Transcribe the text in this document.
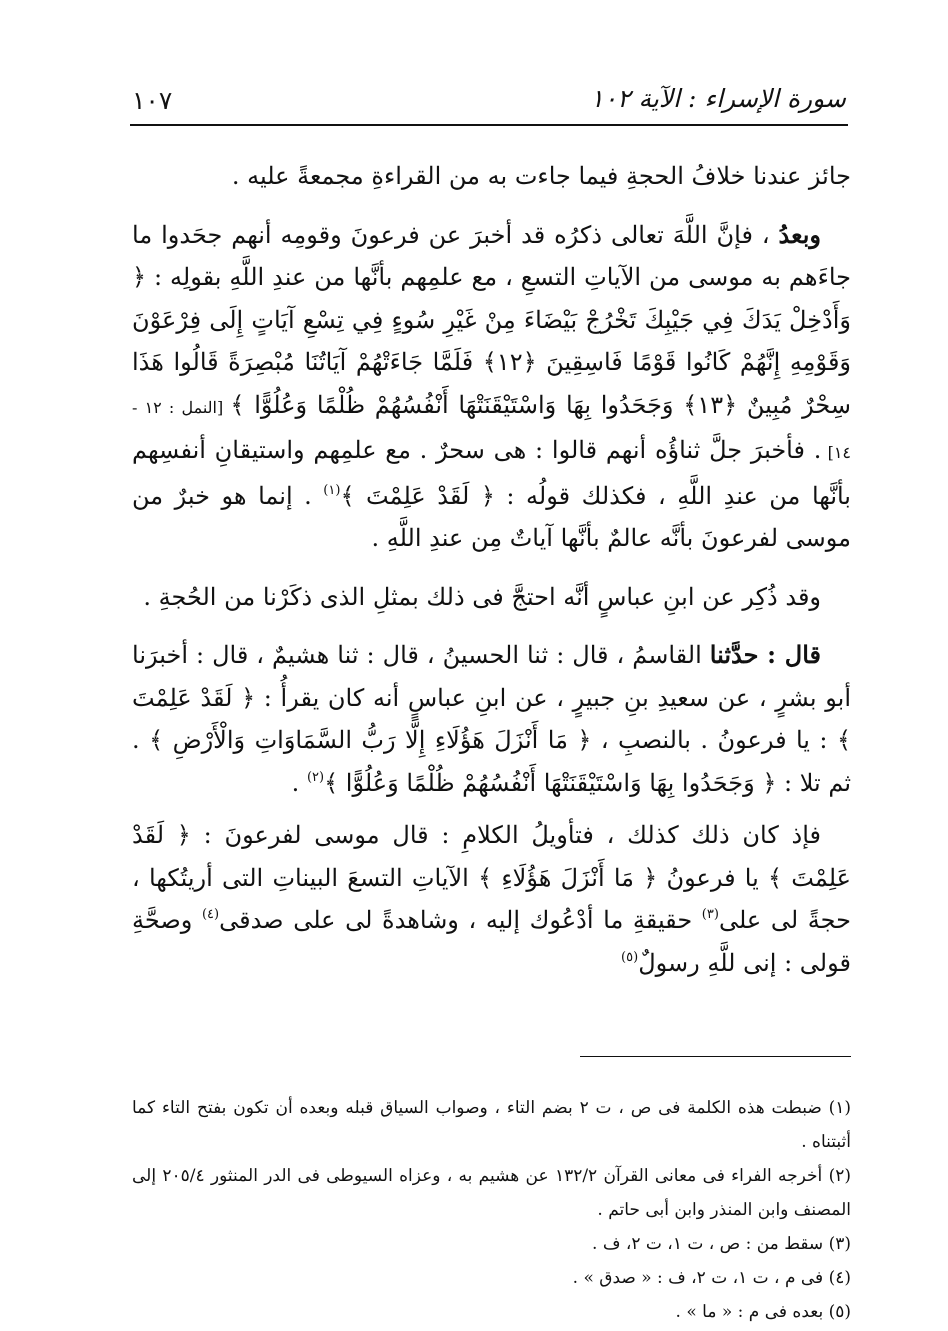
١٠٧	سورة الإسراء : الآية ١٠٢

جائز عندنا خلافُ الحجةِ فيما جاءت به من القراءةِ مجمعةً عليه .

وبعدُ ، فإنَّ اللَّهَ تعالى ذكرُه قد أخبرَ عن فرعونَ وقومِه أنهم جحَدوا ما جاءَهم به موسى من الآياتِ التسعِ ، مع علمِهم بأنَّها من عندِ اللَّهِ بقولِه : ﴿ وَأَدْخِلْ يَدَكَ فِي جَيْبِكَ تَخْرُجْ بَيْضَاءَ مِنْ غَيْرِ سُوءٍ فِي تِسْعِ آيَاتٍ إِلَى فِرْعَوْنَ وَقَوْمِهِ إِنَّهُمْ كَانُوا قَوْمًا فَاسِقِينَ ﴿١٢﴾ فَلَمَّا جَاءَتْهُمْ آيَاتُنَا مُبْصِرَةً قَالُوا هَذَا سِحْرٌ مُبِينٌ ﴿١٣﴾ وَجَحَدُوا بِهَا وَاسْتَيْقَنَتْهَا أَنْفُسُهُمْ ظُلْمًا وَعُلُوًّا ﴾ [النمل : ١٢ - ١٤] . فأخبرَ جلَّ ثناؤُه أنهم قالوا : هى سحرٌ . مع علمِهم واستيقانِ أنفسِهم بأنَّها من عندِ اللَّهِ ، فكذلك قولُه : ﴿ لَقَدْ عَلِمْتَ ﴾$^{(١)}$ . إنما هو خبرٌ من موسى لفرعونَ بأنَّه عالمٌ بأنَّها آياتٌ مِن عندِ اللَّهِ .

وقد ذُكِر عن ابنِ عباسٍ أنَّه احتجَّ فى ذلك بمثلِ الذى ذكَرْنا من الحُجةِ .

قال : حدَّثنا القاسمُ ، قال : ثنا الحسينُ ، قال : ثنا هشيمٌ ، قال : أخبرَنا أبو بشرٍ ، عن سعيدِ بنِ جبيرٍ ، عن ابنِ عباسٍ أنه كان يقرأُ : ﴿ لَقَدْ عَلِمْتَ ﴾ : يا فرعونُ . بالنصبِ ، ﴿ مَا أَنْزَلَ هَؤُلَاءِ إِلَّا رَبُّ السَّمَاوَاتِ وَالْأَرْضِ ﴾ . ثم تلا : ﴿ وَجَحَدُوا بِهَا وَاسْتَيْقَنَتْهَا أَنْفُسُهُمْ ظُلْمًا وَعُلُوًّا ﴾$^{(٢)}$ .

فإذ كان ذلك كذلك ، فتأويلُ الكلامِ : قال موسى لفرعونَ : ﴿ لَقَدْ عَلِمْتَ ﴾ يا فرعونُ ﴿ مَا أَنْزَلَ هَؤُلَاءِ ﴾ الآياتِ التسعَ البيناتِ التى أريتُكها ، حجةً لى على$^{(٣)}$ حقيقةِ ما أدْعُوك إليه ، وشاهدةً لى على صدقى$^{(٤)}$ وصحَّةِ قولى : إنى للَّهِ رسولٌ$^{(٥)}$

(١) ضبطت هذه الكلمة فى ص ، ت ٢ بضم التاء ، وصواب السياق قبله وبعده أن تكون بفتح التاء كما أثبتناه .

(٢) أخرجه الفراء فى معانى القرآن ١٣٢/٢ عن هشيم به ، وعزاه السيوطى فى الدر المنثور ٢٠٥/٤ إلى المصنف وابن المنذر وابن أبى حاتم .

(٣) سقط من : ص ، ت ١، ت ٢، ف .

(٤) فى م ، ت ١، ت ٢، ف : « صدق » .

(٥) بعده فى م : « ما » .
